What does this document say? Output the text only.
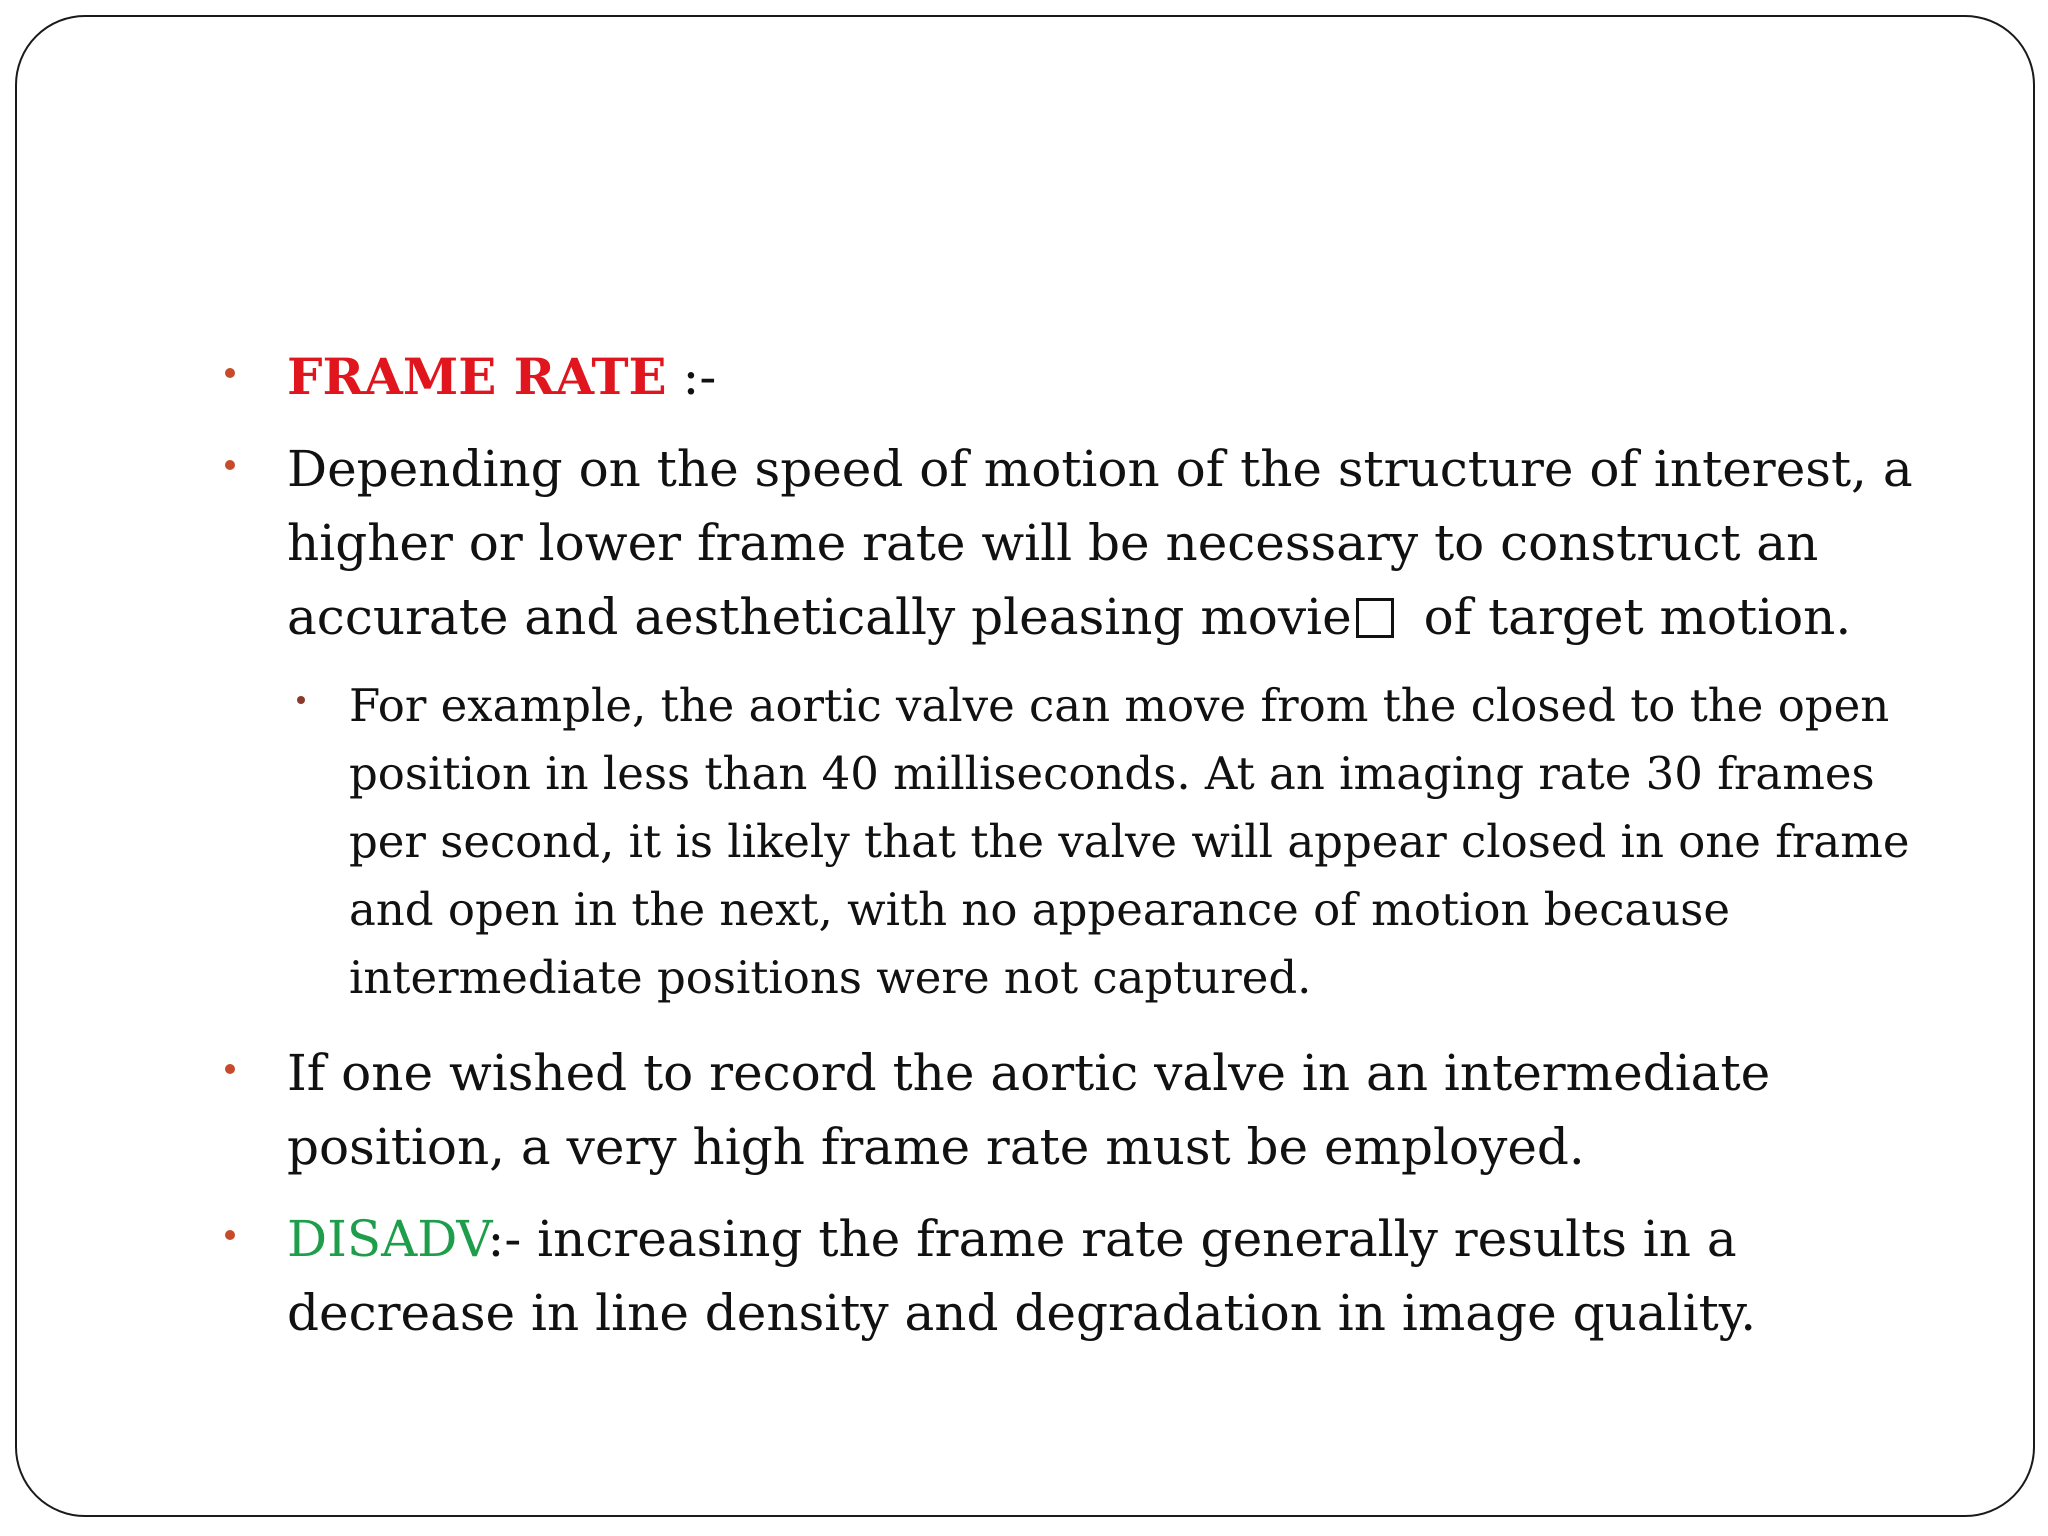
FRAME RATE :-
Depending on the speed of motion of the structure of interest, a higher or lower frame rate will be necessary to construct an accurate and aesthetically pleasing movie of target motion.
For example, the aortic valve can move from the closed to the open position in less than 40 milliseconds. At an imaging rate 30 frames per second, it is likely that the valve will appear closed in one frame and open in the next, with no appearance of motion because intermediate positions were not captured.
If one wished to record the aortic valve in an intermediate position, a very high frame rate must be employed.
DISADV:- increasing the frame rate generally results in a decrease in line density and degradation in image quality.
